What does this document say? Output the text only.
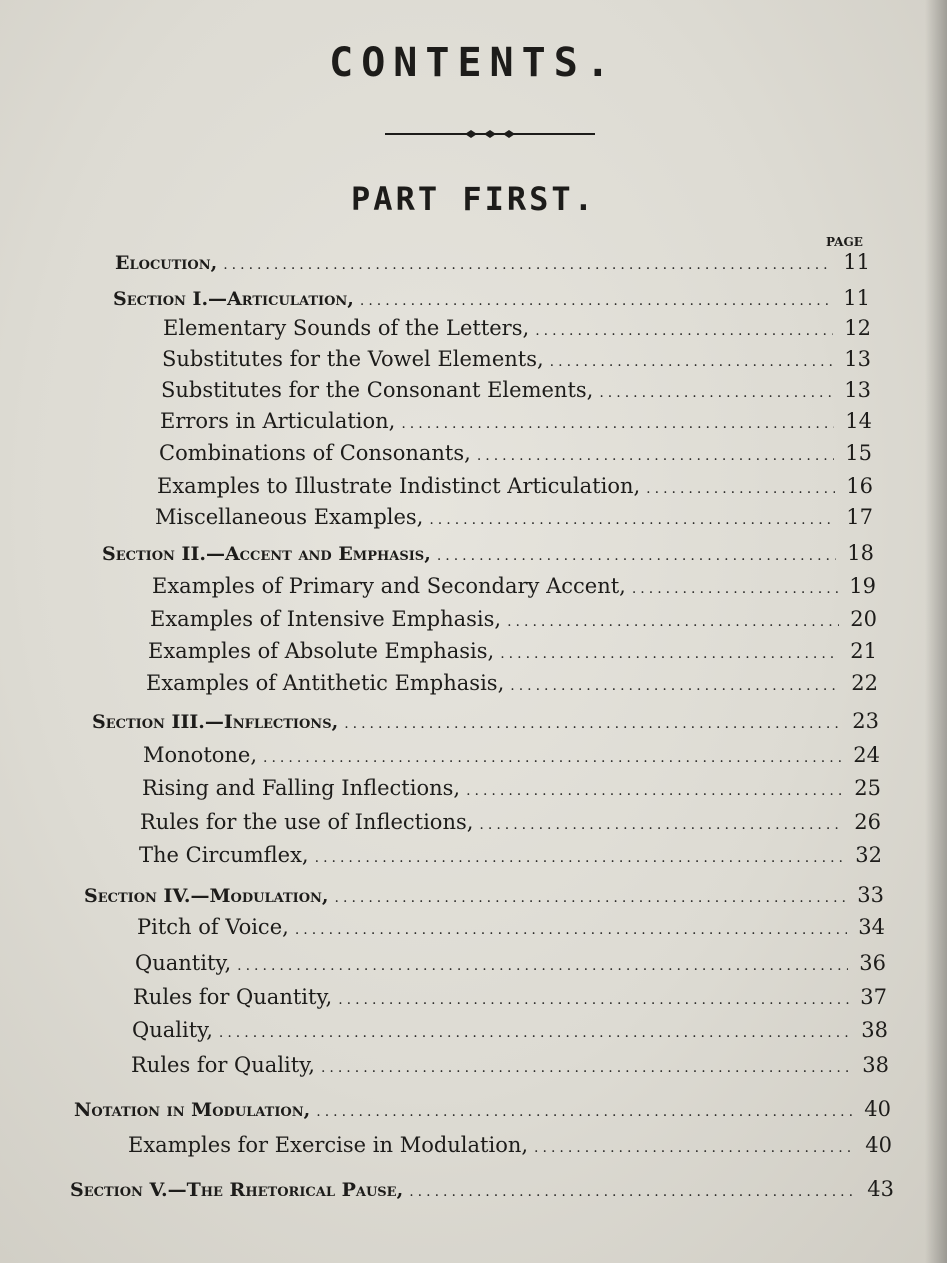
CONTENTS.
PART FIRST.
PAGE
Elocution, .....	11
Section I.—Articulation, .....	11
Elementary Sounds of the Letters, .....	12
Substitutes for the Vowel Elements, .....	13
Substitutes for the Consonant Elements, .....	13
Errors in Articulation, .....	14
Combinations of Consonants, .....	15
Examples to Illustrate Indistinct Articulation, .....	16
Miscellaneous Examples, .....	17
Section II.—Accent and Emphasis, .....	18
Examples of Primary and Secondary Accent, .....	19
Examples of Intensive Emphasis, .....	20
Examples of Absolute Emphasis, .....	21
Examples of Antithetic Emphasis, .....	22
Section III.—Inflections, .....	23
Monotone, .....	24
Rising and Falling Inflections, .....	25
Rules for the use of Inflections, .....	26
The Circumflex, .....	32
Section IV.—Modulation, .....	33
Pitch of Voice, .....	34
Quantity, .....	36
Rules for Quantity, .....	37
Quality, .....	38
Rules for Quality, .....	38
Notation in Modulation, .....	40
Examples for Exercise in Modulation, .....	40
Section V.—The Rhetorical Pause, .....	43
